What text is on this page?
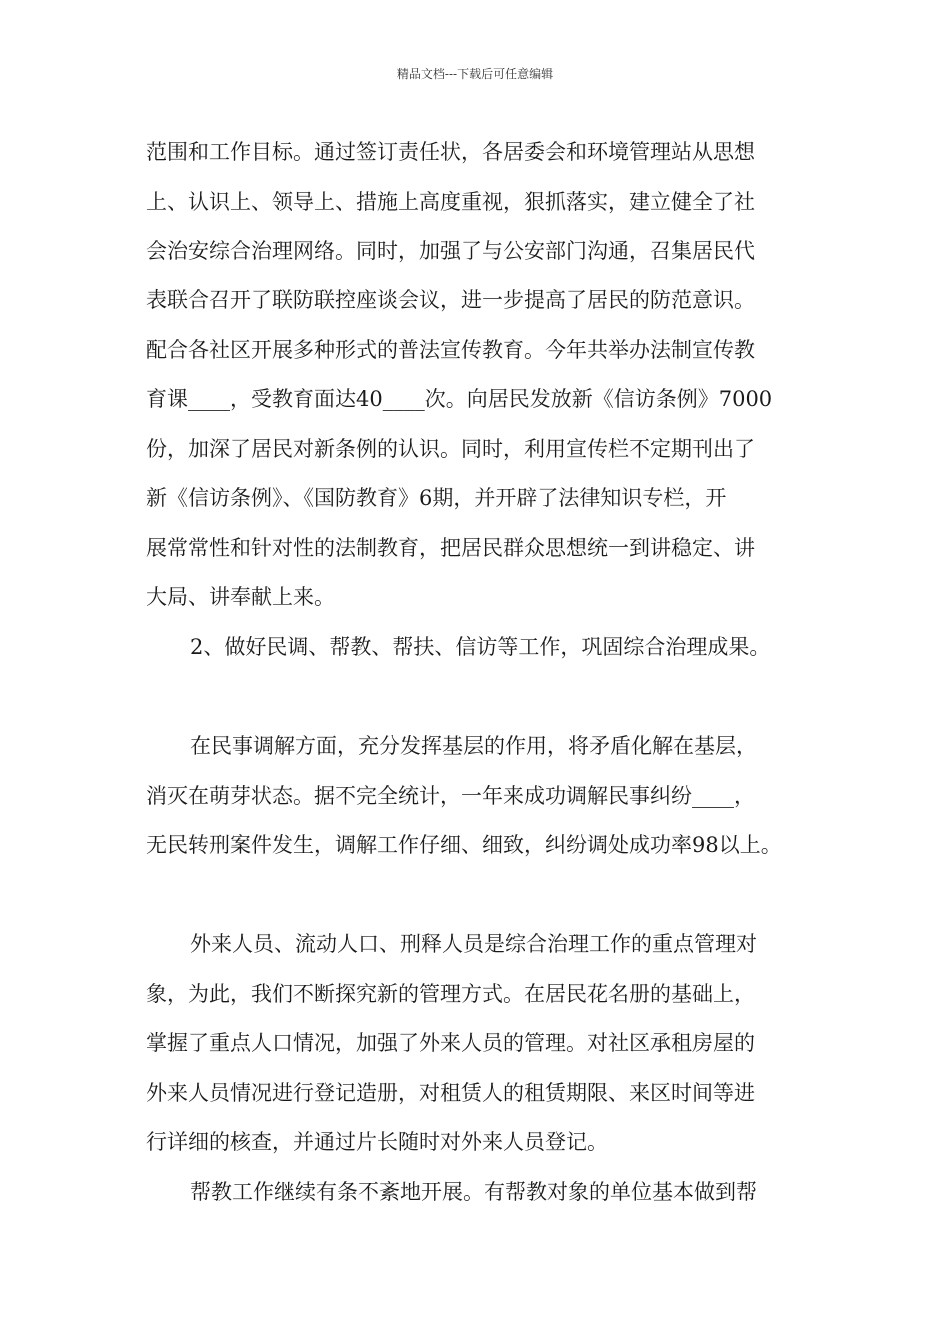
精品文档---下载后可任意编辑
范围和工作目标。通过签订责任状，各居委会和环境管理站从思想
上、认识上、领导上、措施上高度重视，狠抓落实，建立健全了社
会治安综合治理网络。同时，加强了与公安部门沟通，召集居民代
表联合召开了联防联控座谈会议，进一步提高了居民的防范意识。
配合各社区开展多种形式的普法宣传教育。今年共举办法制宣传教
育课____，受教育面达40____次。向居民发放新《信访条例》7000
份，加深了居民对新条例的认识。同时，利用宣传栏不定期刊出了
新《信访条例》、《国防教育》6期，并开辟了法律知识专栏，开
展常常性和针对性的法制教育，把居民群众思想统一到讲稳定、讲
大局、讲奉献上来。
2、做好民调、帮教、帮扶、信访等工作，巩固综合治理成果。
在民事调解方面，充分发挥基层的作用，将矛盾化解在基层，
消灭在萌芽状态。据不完全统计，一年来成功调解民事纠纷____，
无民转刑案件发生，调解工作仔细、细致，纠纷调处成功率98以上。
外来人员、流动人口、刑释人员是综合治理工作的重点管理对
象，为此，我们不断探究新的管理方式。在居民花名册的基础上，
掌握了重点人口情况，加强了外来人员的管理。对社区承租房屋的
外来人员情况进行登记造册，对租赁人的租赁期限、来区时间等进
行详细的核查，并通过片长随时对外来人员登记。
帮教工作继续有条不紊地开展。有帮教对象的单位基本做到帮
